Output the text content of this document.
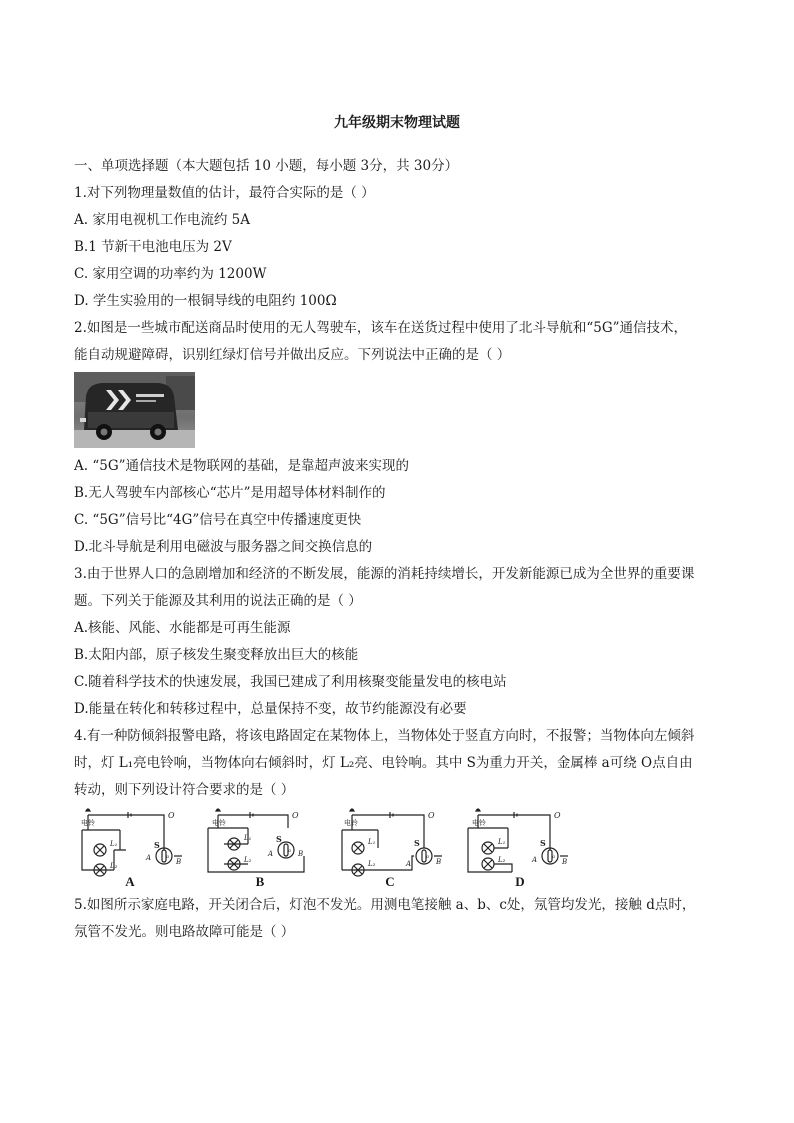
九年级期末物理试题
一、单项选择题（本大题包括 10 小题，每小题 3分，共 30分）
1.对下列物理量数值的估计，最符合实际的是（ ）
A. 家用电视机工作电流约 5A
B.1 节新干电池电压为 2V
C. 家用空调的功率约为 1200W
D. 学生实验用的一根铜导线的电阻约 100Ω
2.如图是一些城市配送商品时使用的无人驾驶车，该车在送货过程中使用了北斗导航和“5G”通信技术，
能自动规避障碍，识别红绿灯信号并做出反应。下列说法中正确的是（ ）
A. “5G”通信技术是物联网的基础，是靠超声波来实现的
B.无人驾驶车内部核心“芯片”是用超导体材料制作的
C. “5G”信号比“4G”信号在真空中传播速度更快
D.北斗导航是利用电磁波与服务器之间交换信息的
3.由于世界人口的急剧增加和经济的不断发展，能源的消耗持续增长，开发新能源已成为全世界的重要课
题。下列关于能源及其利用的说法正确的是（ ）
A.核能、风能、水能都是可再生能源
B.太阳内部，原子核发生聚变释放出巨大的核能
C.随着科学技术的快速发展，我国已建成了利用核聚变能量发电的核电站
D.能量在转化和转移过程中，总量保持不变，故节约能源没有必要
4.有一种防倾斜报警电路，将该电路固定在某物体上，当物体处于竖直方向时，不报警；当物体向左倾斜
时，灯 L₁亮电铃响，当物体向右倾斜时，灯 L₂亮、电铃响。其中 S为重力开关，金属棒 a可绕 O点自由
转动，则下列设计符合要求的是（ ）
电铃
L₁
L₂
S
O
A	B
a
A
电铃
L₁
L₂
S
O
A	B
a
B
电铃
L₁
L₂
S
O
A	B
a
C
电铃
L₁
L₂
S
O
A	B
a
D
5.如图所示家庭电路，开关闭合后，灯泡不发光。用测电笔接触 a、b、c处，氖管均发光，接触 d点时，
氖管不发光。则电路故障可能是（ ）
